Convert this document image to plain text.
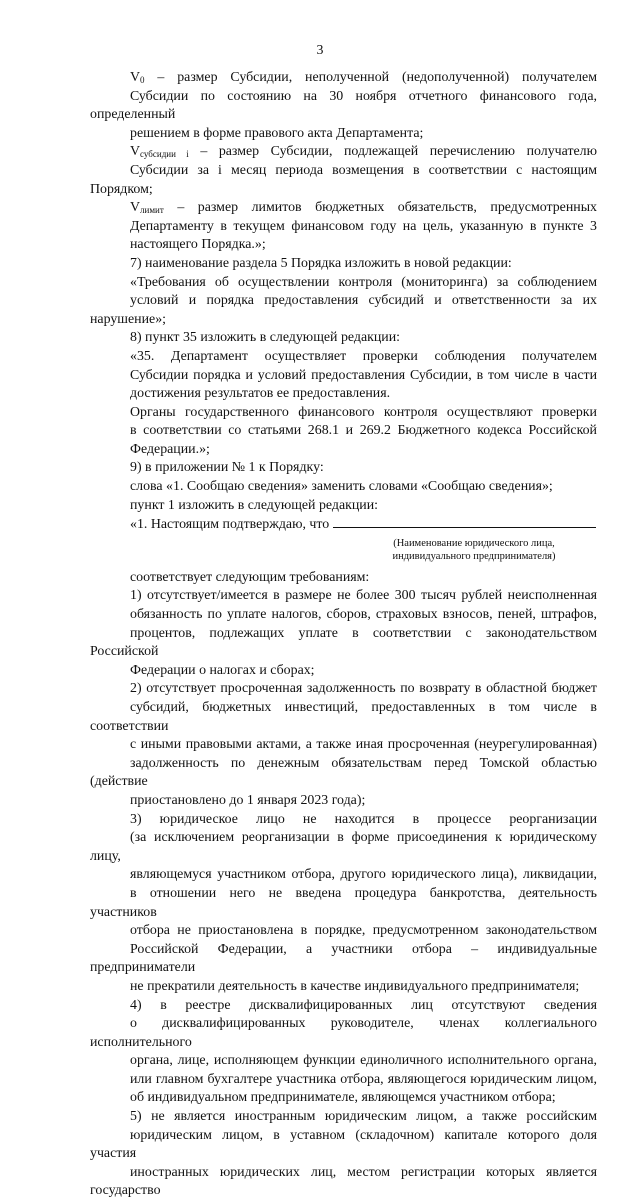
3
$V_0$ – размер Субсидии, неполученной (недополученной) получателем
Субсидии по состоянию на 30 ноября отчетного финансового года, определенный
решением в форме правового акта Департамента;
$V_{субсидии i}$ – размер Субсидии, подлежащей перечислению получателю
Субсидии за i месяц периода возмещения в соответствии с настоящим Порядком;
$V_{лимит}$ – размер лимитов бюджетных обязательств, предусмотренных
Департаменту в текущем финансовом году на цель, указанную в пункте 3
настоящего Порядка.»;
7) наименование раздела 5 Порядка изложить в новой редакции:
«Требования об осуществлении контроля (мониторинга) за соблюдением
условий и порядка предоставления субсидий и ответственности за их нарушение»;
8) пункт 35 изложить в следующей редакции:
«35. Департамент осуществляет проверки соблюдения получателем
Субсидии порядка и условий предоставления Субсидии, в том числе в части
достижения результатов ее предоставления.
Органы государственного финансового контроля осуществляют проверки
в соответствии со статьями 268.1 и 269.2 Бюджетного кодекса Российской
Федерации.»;
9) в приложении № 1 к Порядку:
слова «1. Сообщаю сведения» заменить словами «Сообщаю сведения»;
пункт 1 изложить в следующей редакции:
«1. Настоящим подтверждаю, что
(Наименование юридического лица,
индивидуального предпринимателя)
соответствует следующим требованиям:
1) отсутствует/имеется в размере не более 300 тысяч рублей неисполненная
обязанность по уплате налогов, сборов, страховых взносов, пеней, штрафов,
процентов, подлежащих уплате в соответствии с законодательством Российской
Федерации о налогах и сборах;
2) отсутствует просроченная задолженность по возврату в областной бюджет
субсидий, бюджетных инвестиций, предоставленных в том числе в соответствии
с иными правовыми актами, а также иная просроченная (неурегулированная)
задолженность по денежным обязательствам перед Томской областью (действие
приостановлено до 1 января 2023 года);
3) юридическое лицо не находится в процессе реорганизации
(за исключением реорганизации в форме присоединения к юридическому лицу,
являющемуся участником отбора, другого юридического лица), ликвидации,
в отношении него не введена процедура банкротства, деятельность участников
отбора не приостановлена в порядке, предусмотренном законодательством
Российской Федерации, а участники отбора – индивидуальные предприниматели
не прекратили деятельность в качестве индивидуального предпринимателя;
4) в реестре дисквалифицированных лиц отсутствуют сведения
о дисквалифицированных руководителе, членах коллегиального исполнительного
органа, лице, исполняющем функции единоличного исполнительного органа,
или главном бухгалтере участника отбора, являющегося юридическим лицом,
об индивидуальном предпринимателе, являющемся участником отбора;
5) не является иностранным юридическим лицом, а также российским
юридическим лицом, в уставном (складочном) капитале которого доля участия
иностранных юридических лиц, местом регистрации которых является государство
